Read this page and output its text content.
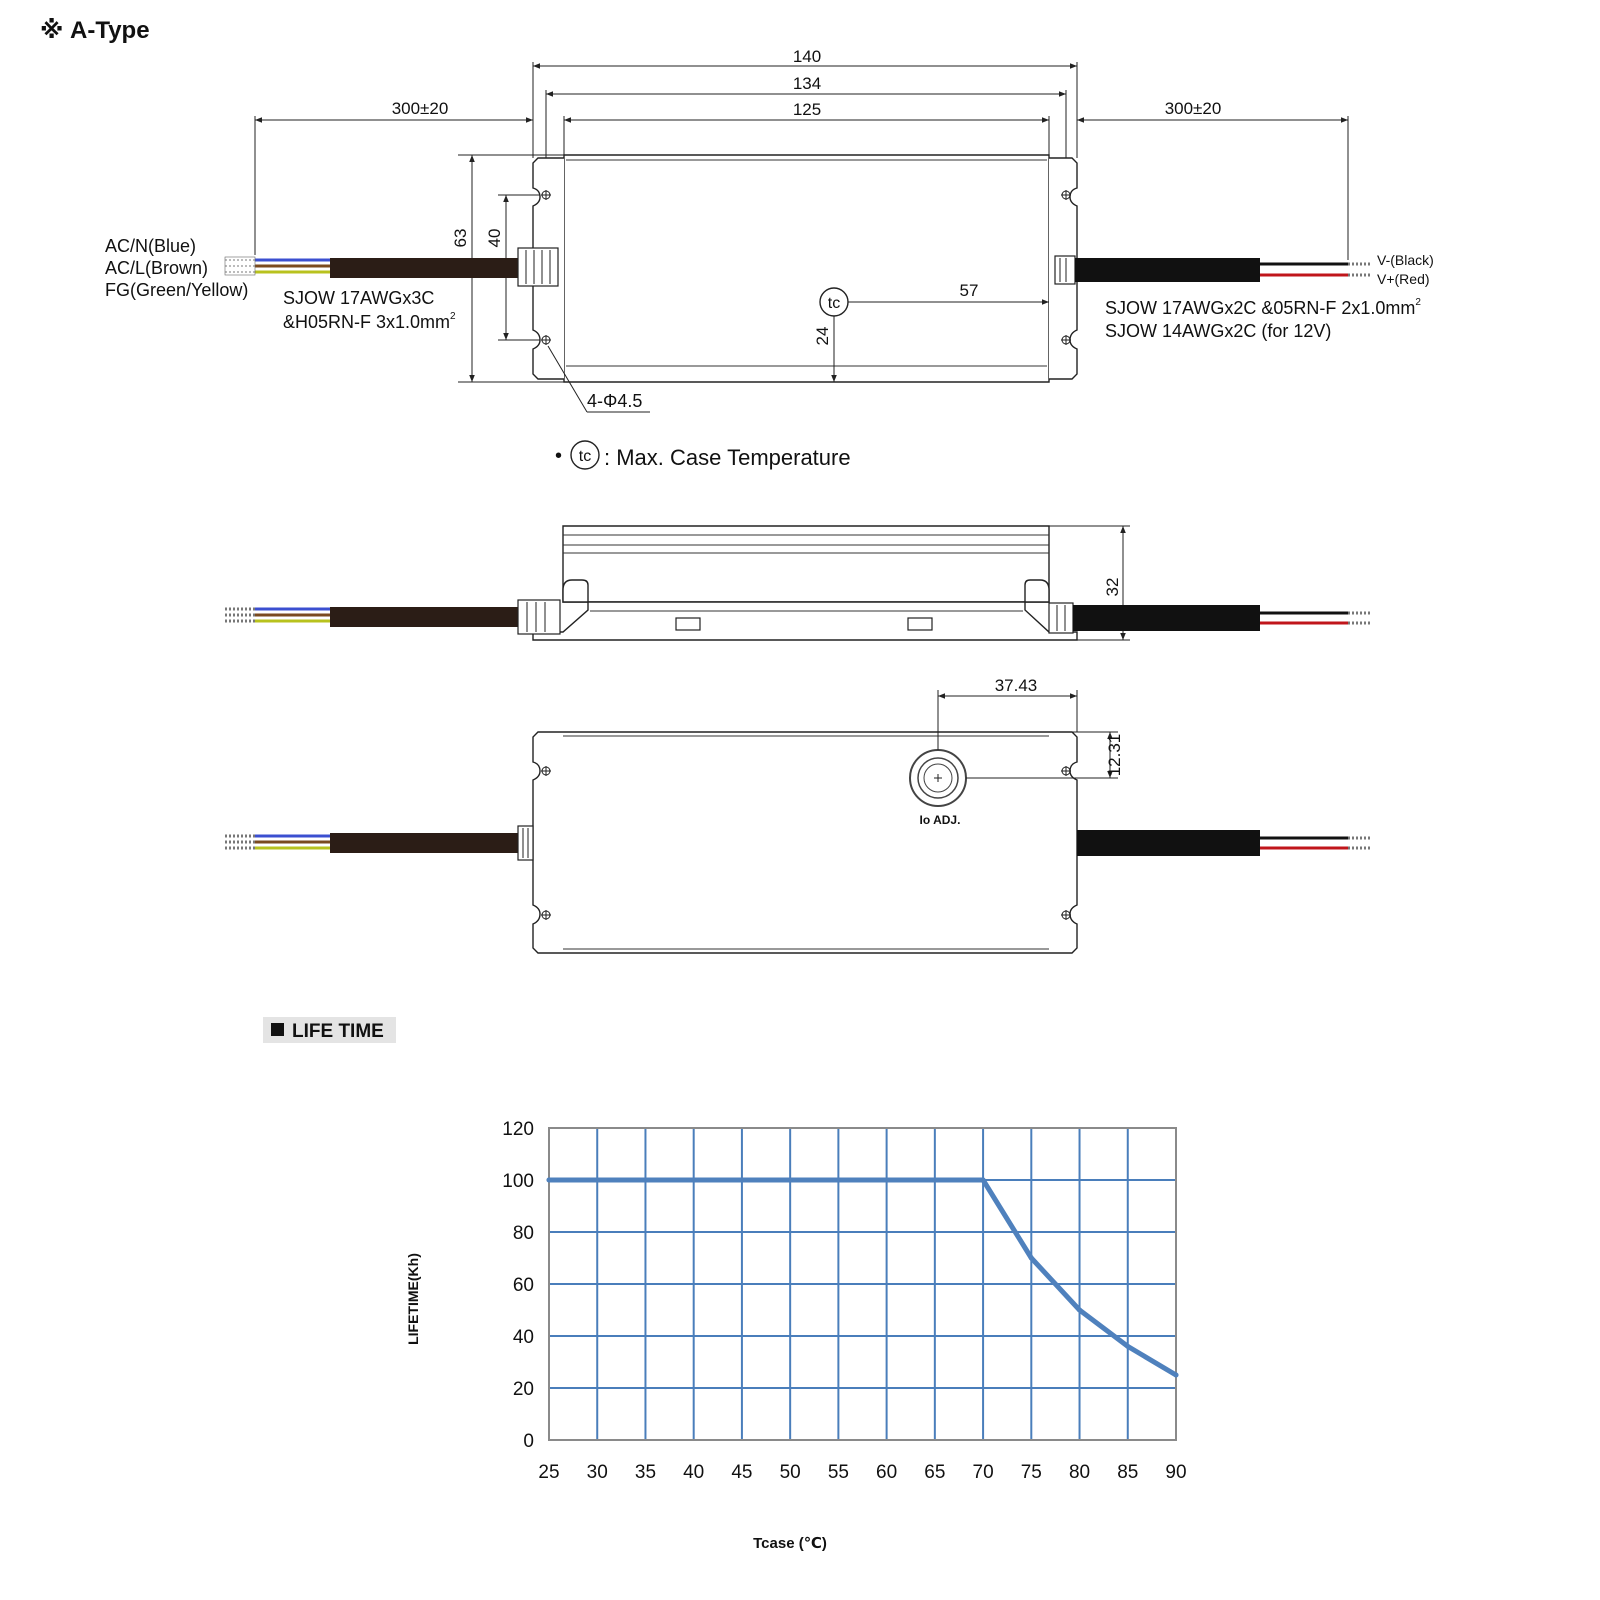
※ A-Type
140
134
125
300±20	300±20
63 40
AC/N(Blue)
AC/L(Brown)
FG(Green/Yellow) SJOW 17AWGx3C
&H05RN-F $3x1.0mm^2$
V-(Black)
V+(Red)
SJOW 17AWGx2C &05RN-F $2x1.0mm^2$
SJOW 14AWGx2C (for 12V)
tc
57
24
4-Φ4.5
• tc : Max. Case Temperature
32
Io ADJ.
37.43
12.31
LIFE TIME
0
20
40
60
80
100
120
25 30 35 40 45 50 55 60 65 70 75 80 85 90
LIFETIME(Kh)
Tcase (℃)
